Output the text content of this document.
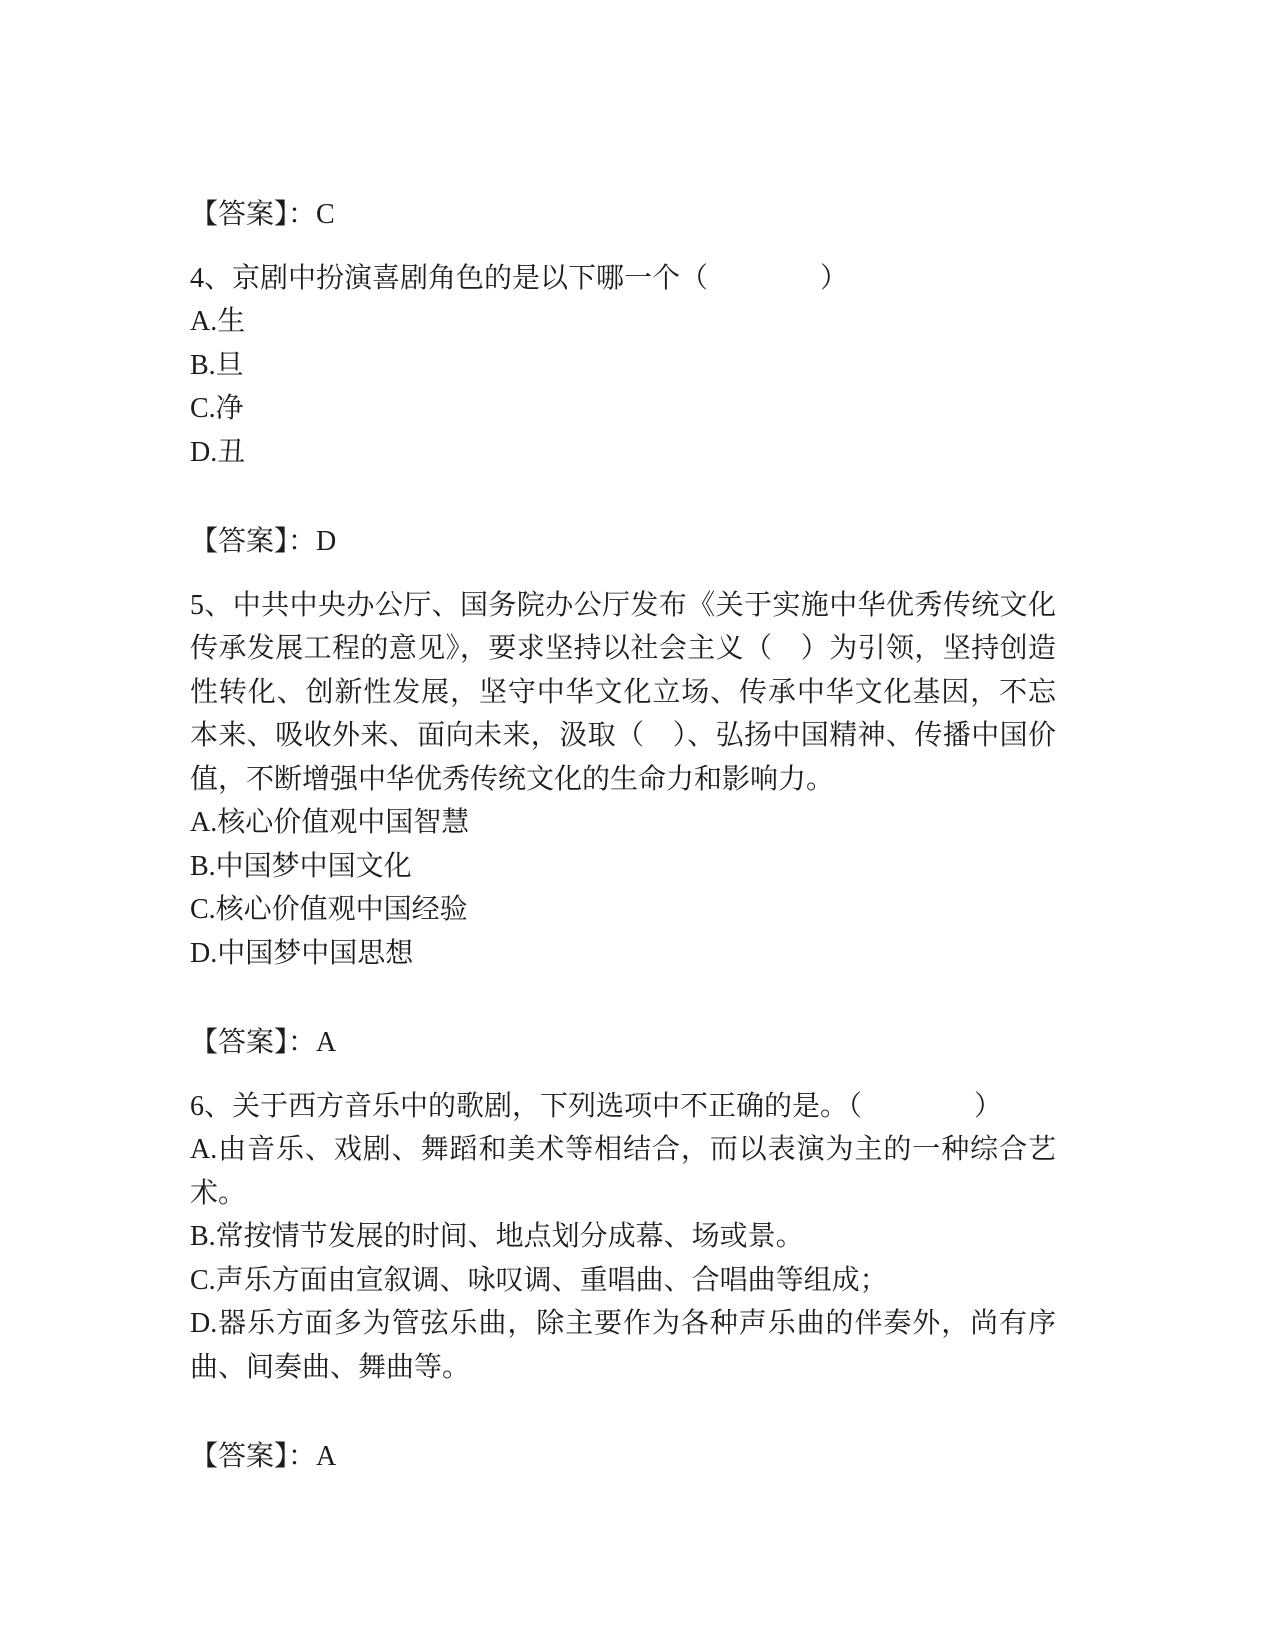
【答案】：C

4、京剧中扮演喜剧角色的是以下哪一个（　　　　）

A.生

B.旦

C.净

D.丑

【答案】：D

5、中共中央办公厅、国务院办公厅发布《关于实施中华优秀传统文化传承发展工程的意见》，要求坚持以社会主义（　）为引领，坚持创造性转化、创新性发展，坚守中华文化立场、传承中华文化基因，不忘本来、吸收外来、面向未来，汲取（　）、弘扬中国精神、传播中国价值，不断增强中华优秀传统文化的生命力和影响力。

A.核心价值观中国智慧

B.中国梦中国文化

C.核心价值观中国经验

D.中国梦中国思想

【答案】：A

6、关于西方音乐中的歌剧，下列选项中不正确的是。（　　　　）

A.由音乐、戏剧、舞蹈和美术等相结合，而以表演为主的一种综合艺术。

B.常按情节发展的时间、地点划分成幕、场或景。

C.声乐方面由宣叙调、咏叹调、重唱曲、合唱曲等组成；

D.器乐方面多为管弦乐曲，除主要作为各种声乐曲的伴奏外，尚有序曲、间奏曲、舞曲等。

【答案】：A
